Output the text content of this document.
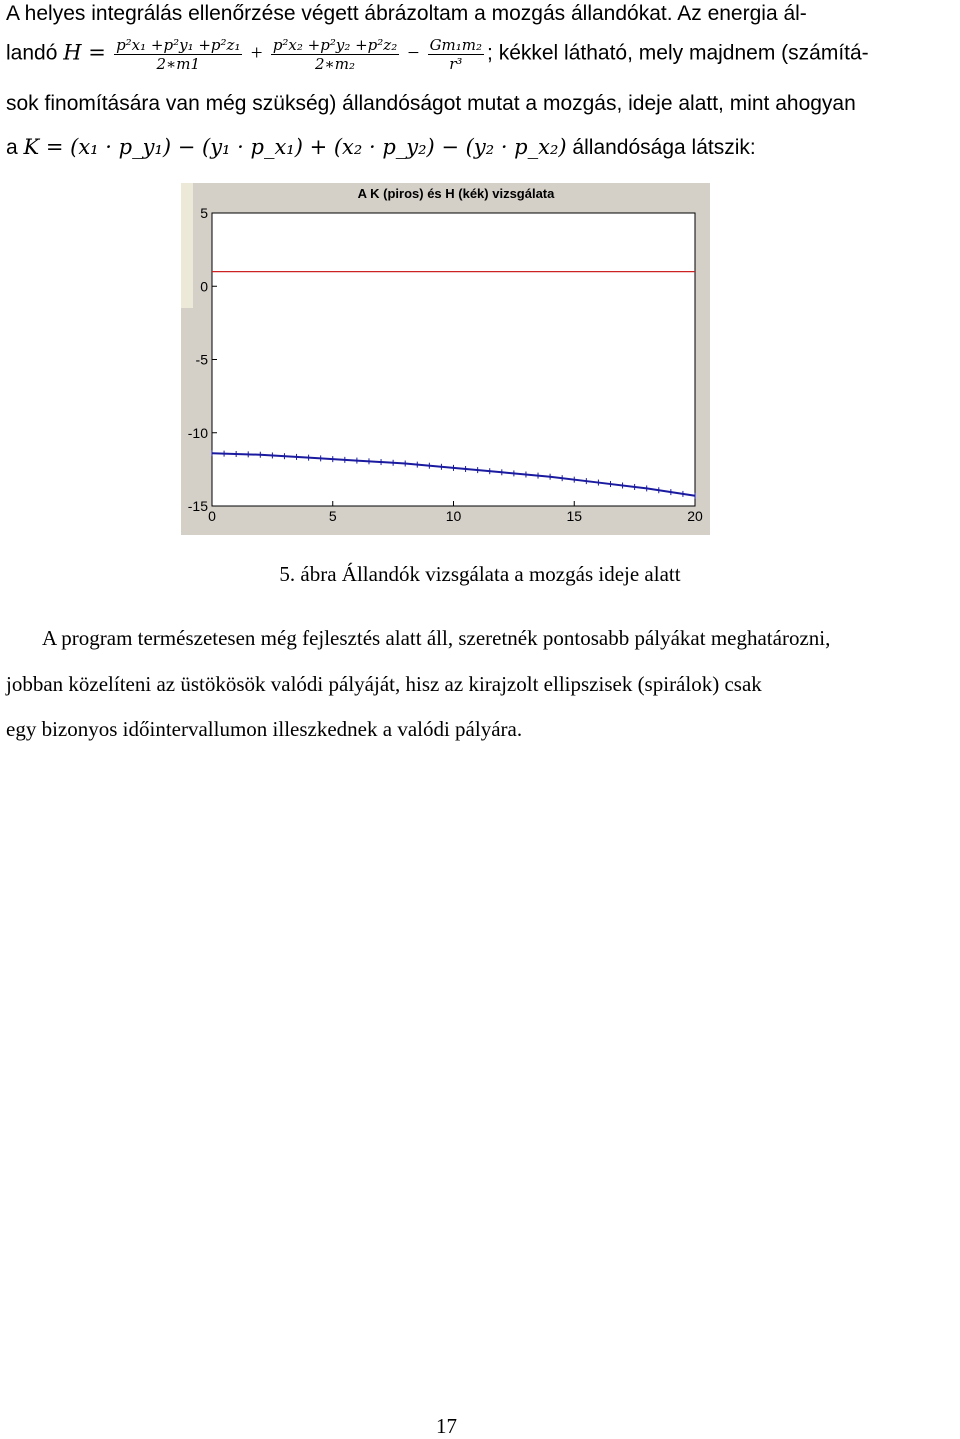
A helyes integrálás ellenőrzése végett ábrázoltam a mozgás állandókat. Az energia ál-
landó $H = \frac{\text{p²x₁ +p²y₁ +p²z₁}}{2∗m1} + \frac{\text{p²x₂ +p²y₂ +p²z₂}}{\text{2∗m₂}} - \frac{\text{Gm₁m₂}}{\text{r³}}$ ; kékkel látható, mely majdnem (számítá-
sok finomítására van még szükség) állandóságot mutat a mozgás, ideje alatt, mint ahogyan
a K = (x₁ · p_y₁) − (y₁ · p_x₁) + (x₂ · p_y₂) − (y₂ · p_x₂) állandósága látszik:
A K (piros) és H (kék) vizsgálata
0	5	10	15	20
5
0
-5
-10
-15
5. ábra Állandók vizsgálata a mozgás ideje alatt
A program természetesen még fejlesztés alatt áll, szeretnék pontosabb pályákat meghatározni,
jobban közelíteni az üstökösök valódi pályáját, hisz az kirajzolt ellipszisek (spirálok) csak
egy bizonyos időintervallumon illeszkednek a valódi pályára.
17
